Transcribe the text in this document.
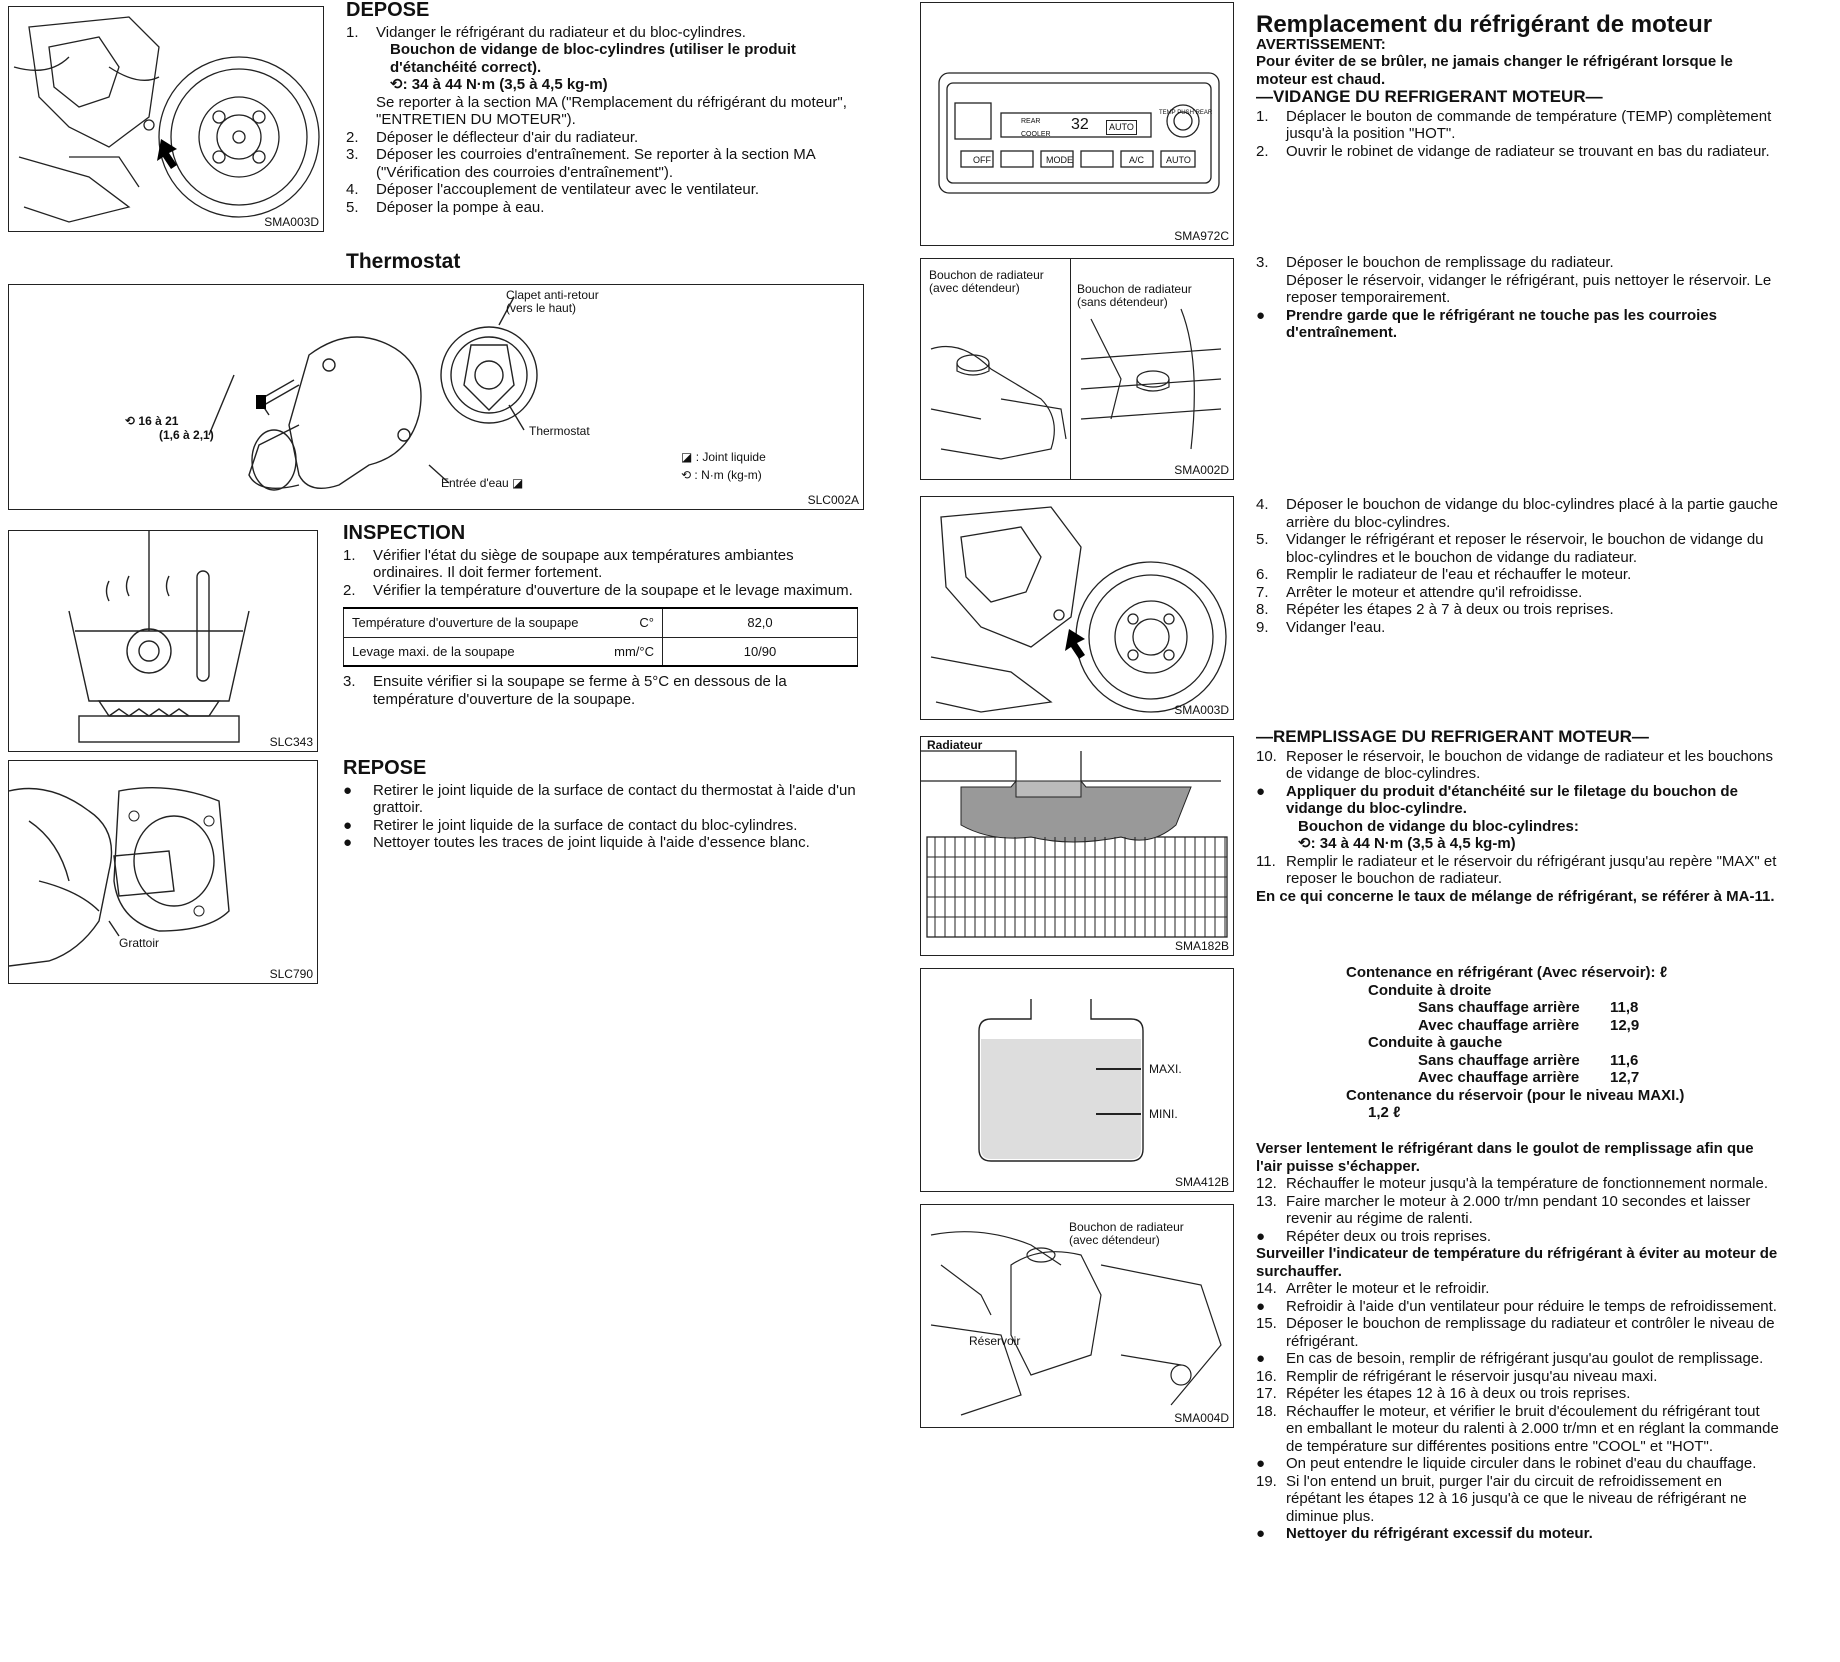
SMA003D
Clapet anti-retour
(vers le haut)
Thermostat
⟲ 16 à 21
(1,6 à 2,1)
Entrée d'eau ◪
◪ : Joint liquide
⟲ : N·m (kg-m)
SLC002A
SLC343
Grattoir
SLC790
DEPOSE
1. Vidanger le réfrigérant du radiateur et du bloc-cylindres.
Bouchon de vidange de bloc-cylindres (utiliser le produit d'étanchéité correct).
⟲: 34 à 44 N·m (3,5 à 4,5 kg-m)
Se reporter à la section MA ("Remplacement du réfrigérant du moteur", "ENTRETIEN DU MOTEUR").
2. Déposer le déflecteur d'air du radiateur.
3. Déposer les courroies d'entraînement. Se reporter à la section MA ("Vérification des courroies d'entraînement").
4. Déposer l'accouplement de ventilateur avec le ventilateur.
5. Déposer la pompe à eau.
Thermostat
INSPECTION
1. Vérifier l'état du siège de soupape aux températures ambiantes ordinaires. Il doit fermer fortement.
2. Vérifier la température d'ouverture de la soupape et le levage maximum.
Température d'ouverture de la soupape	C°	82,0
Levage maxi. de la soupape	mm/°C	10/90
3. Ensuite vérifier si la soupape se ferme à 5°C en dessous de la température d'ouverture de la soupape.
REPOSE
● Retirer le joint liquide de la surface de contact du thermostat à l'aide d'un grattoir.
● Retirer le joint liquide de la surface de contact du bloc-cylindres.
● Nettoyer toutes les traces de joint liquide à l'aide d'essence blanc.
OFF	MODE	A/C AUTO
REAR
COOLER
32	AUTO
TEMP PUSH REAR
SMA972C
Bouchon de radiateur
(avec détendeur)	Bouchon de radiateur
(sans détendeur)
SMA002D
SMA003D
Radiateur
SMA182B
MAXI.
MINI.
SMA412B
Bouchon de radiateur
(avec détendeur)
Réservoir
SMA004D
Remplacement du réfrigérant de moteur
AVERTISSEMENT:
Pour éviter de se brûler, ne jamais changer le réfrigérant lorsque le moteur est chaud.
—VIDANGE DU REFRIGERANT MOTEUR—
1. Déplacer le bouton de commande de température (TEMP) complètement jusqu'à la position "HOT".
2. Ouvrir le robinet de vidange de radiateur se trouvant en bas du radiateur.
3. Déposer le bouchon de remplissage du radiateur.
Déposer le réservoir, vidanger le réfrigérant, puis nettoyer le réservoir. Le reposer temporairement.
● Prendre garde que le réfrigérant ne touche pas les courroies d'entraînement.
4. Déposer le bouchon de vidange du bloc-cylindres placé à la partie gauche arrière du bloc-cylindres.
5. Vidanger le réfrigérant et reposer le réservoir, le bouchon de vidange du bloc-cylindres et le bouchon de vidange du radiateur.
6. Remplir le radiateur de l'eau et réchauffer le moteur.
7. Arrêter le moteur et attendre qu'il refroidisse.
8. Répéter les étapes 2 à 7 à deux ou trois reprises.
9. Vidanger l'eau.
—REMPLISSAGE DU REFRIGERANT MOTEUR—
10. Reposer le réservoir, le bouchon de vidange de radiateur et les bouchons de vidange de bloc-cylindres.
● Appliquer du produit d'étanchéité sur le filetage du bouchon de vidange du bloc-cylindre.
Bouchon de vidange du bloc-cylindres:
⟲: 34 à 44 N·m (3,5 à 4,5 kg-m)
11. Remplir le radiateur et le réservoir du réfrigérant jusqu'au repère "MAX" et reposer le bouchon de radiateur.
En ce qui concerne le taux de mélange de réfrigérant, se référer à MA-11.
Contenance en réfrigérant (Avec réservoir): ℓ
Conduite à droite
Sans chauffage arrière 11,8
Avec chauffage arrière 12,9
Conduite à gauche
Sans chauffage arrière 11,6
Avec chauffage arrière 12,7
Contenance du réservoir (pour le niveau MAXI.)
1,2 ℓ
Verser lentement le réfrigérant dans le goulot de remplissage afin que l'air puisse s'échapper.
12. Réchauffer le moteur jusqu'à la température de fonctionnement normale.
13. Faire marcher le moteur à 2.000 tr/mn pendant 10 secondes et laisser revenir au régime de ralenti.
● Répéter deux ou trois reprises.
Surveiller l'indicateur de température du réfrigérant à éviter au moteur de surchauffer.
14. Arrêter le moteur et le refroidir.
● Refroidir à l'aide d'un ventilateur pour réduire le temps de refroidissement.
15. Déposer le bouchon de remplissage du radiateur et contrôler le niveau de réfrigérant.
● En cas de besoin, remplir de réfrigérant jusqu'au goulot de remplissage.
16. Remplir de réfrigérant le réservoir jusqu'au niveau maxi.
17. Répéter les étapes 12 à 16 à deux ou trois reprises.
18. Réchauffer le moteur, et vérifier le bruit d'écoulement du réfrigérant tout en emballant le moteur du ralenti à 2.000 tr/mn et en réglant la commande de température sur différentes positions entre "COOL" et "HOT".
● On peut entendre le liquide circuler dans le robinet d'eau du chauffage.
19. Si l'on entend un bruit, purger l'air du circuit de refroidissement en répétant les étapes 12 à 16 jusqu'à ce que le niveau de réfrigérant ne diminue plus.
● Nettoyer du réfrigérant excessif du moteur.
